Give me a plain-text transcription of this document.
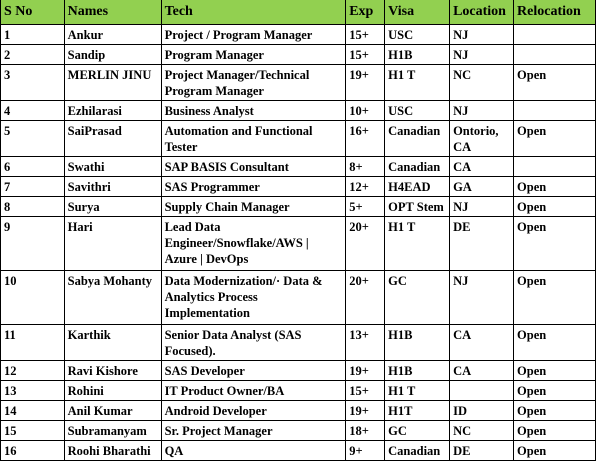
S No	Names	Tech	Exp	Visa	Location	Relocation
1	Ankur	Project / Program Manager	15+	USC	NJ	
2	Sandip	Program Manager	15+	H1B	NJ	
3	MERLIN JINU	Project Manager/Technical Program Manager	19+	H1 T	NC	Open
4	Ezhilarasi	Business Analyst	10+	USC	NJ	
5	SaiPrasad	Automation and Functional Tester	16+	Canadian	Ontorio, CA	Open
6	Swathi	SAP BASIS Consultant	8+	Canadian	CA	
7	Savithri	SAS Programmer	12+	H4EAD	GA	Open
8	Surya	Supply Chain Manager	5+	OPT Stem	NJ	Open
9	Hari	Lead Data Engineer/Snowflake/AWS | Azure | DevOps	20+	H1 T	DE	Open
10	Sabya Mohanty	Data Modernization/· Data & Analytics Process Implementation	20+	GC	NJ	Open
11	Karthik	Senior Data Analyst (SAS Focused).	13+	H1B	CA	Open
12	Ravi Kishore	SAS Developer	19+	H1B	CA	Open
13	Rohini	IT Product Owner/BA	15+	H1 T		Open
14	Anil Kumar	Android Developer	19+	H1T	ID	Open
15	Subramanyam	Sr. Project Manager	18+	GC	NC	Open
16	Roohi Bharathi	QA	9+	Canadian	DE	Open
